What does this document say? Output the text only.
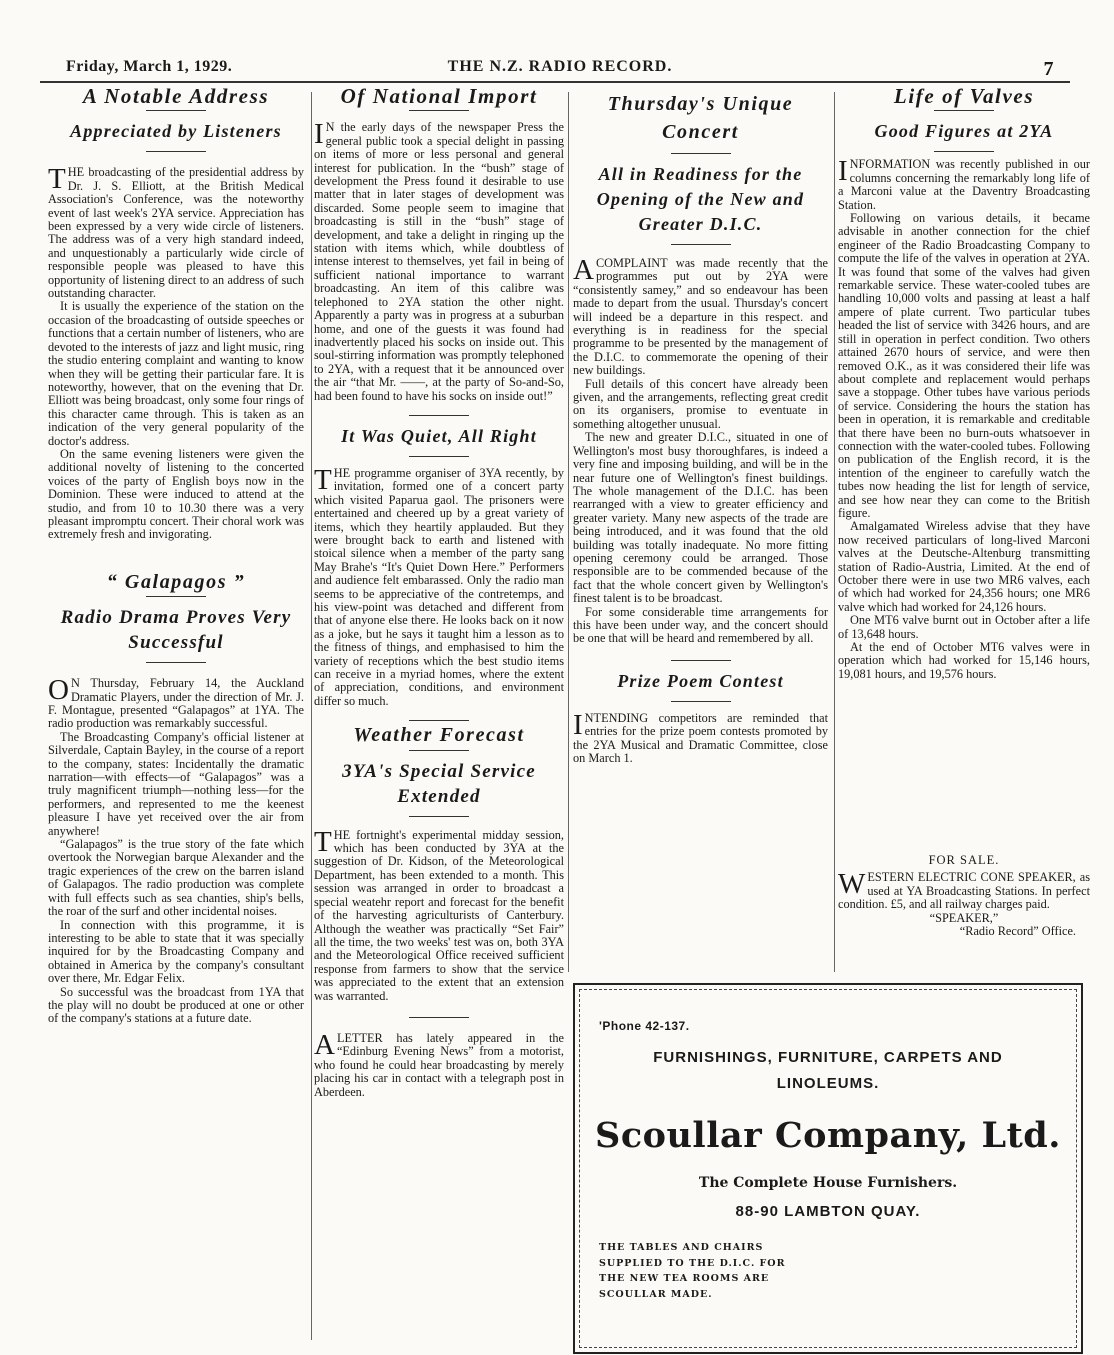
Friday, March 1, 1929.	THE N.Z. RADIO RECORD.	7
A Notable Address
Appreciated by Listeners

THE broadcasting of the presidential address by Dr. J. S. Elliott, at the British Medical Association's Conference, was the noteworthy event of last week's 2YA service. Appreciation has been expressed by a very wide circle of listeners. The address was of a very high standard indeed, and unquestionably a particularly wide circle of responsible people was pleased to have this opportunity of listening direct to an address of such outstanding character.

It is usually the experience of the station on the occasion of the broadcasting of outside speeches or functions that a certain number of listeners, who are devoted to the interests of jazz and light music, ring the studio entering complaint and wanting to know when they will be getting their particular fare. It is noteworthy, however, that on the evening that Dr. Elliott was being broadcast, only some four rings of this character came through. This is taken as an indication of the very general popularity of the doctor's address.

On the same evening listeners were given the additional novelty of listening to the concerted voices of the party of English boys now in the Dominion. These were induced to attend at the studio, and from 10 to 10.30 there was a very pleasant impromptu concert. Their choral work was extremely fresh and invigorating.

“ Galapagos ”
Radio Drama Proves Very Successful

O N Thursday, February 14, the Auckland Dramatic Players, under the direction of Mr. J. F. Montague, presented “Galapagos” at 1YA. The radio production was remarkably successful.

The Broadcasting Company's official listener at Silverdale, Captain Bayley, in the course of a report to the company, states: Incidentally the dramatic narration—with effects—of “Galapagos” was a truly magnificent triumph—nothing less—for the performers, and represented to me the keenest pleasure I have yet received over the air from anywhere!

“Galapagos” is the true story of the fate which overtook the Norwegian barque Alexander and the tragic experiences of the crew on the barren island of Galapagos. The radio production was complete with full effects such as sea chanties, ship's bells, the roar of the surf and other incidental noises.

In connection with this programme, it is interesting to be able to state that it was specially inquired for by the Broadcasting Company and obtained in America by the company's consultant over there, Mr. Edgar Felix.

So successful was the broadcast from 1YA that the play will no doubt be produced at one or other of the company's stations at a future date.

Of National Import

I N the early days of the newspaper Press the general public took a special delight in passing on items of more or less personal and general interest for publication. In the “bush” stage of development the Press found it desirable to use matter that in later stages of development was discarded. Some people seem to imagine that broadcasting is still in the “bush” stage of development, and take a delight in ringing up the station with items which, while doubtless of intense interest to themselves, yet fail in being of sufficient national importance to warrant broadcasting. An item of this calibre was telephoned to 2YA station the other night. Apparently a party was in progress at a suburban home, and one of the guests it was found had inadvertently placed his socks on inside out. This soul-stirring information was promptly telephoned to 2YA, with a request that it be announced over the air “that Mr. ——, at the party of So-and-So, had been found to have his socks on inside out!”

It Was Quiet, All Right

THE programme organiser of 3YA recently, by invitation, formed one of a concert party which visited Paparua gaol. The prisoners were entertained and cheered up by a great variety of items, which they heartily applauded. But they were brought back to earth and listened with stoical silence when a member of the party sang May Brahe's “It's Quiet Down Here.” Performers and audience felt embarassed. Only the radio man seems to be appreciative of the contretemps, and his view-point was detached and different from that of anyone else there. He looks back on it now as a joke, but he says it taught him a lesson as to the fitness of things, and emphasised to him the variety of receptions which the best studio items can receive in a myriad homes, where the extent of appreciation, conditions, and environment differ so much.

Weather Forecast
3YA's Special Service Extended

THE fortnight's experimental midday session, which has been conducted by 3YA at the suggestion of Dr. Kidson, of the Meteorological Department, has been extended to a month. This session was arranged in order to broadcast a special weatehr report and forecast for the benefit of the harvesting agriculturists of Canterbury. Although the weather was practically “Set Fair” all the time, the two weeks' test was on, both 3YA and the Meteorological Office received sufficient response from farmers to show that the service was appreciated to the extent that an extension was warranted.

ALETTER has lately appeared in the “Edinburg Evening News” from a motorist, who found he could hear broadcasting by merely placing his car in contact with a telegraph post in Aberdeen.

Thursday's Unique Concert
All in Readiness for the Opening of the New and Greater D.I.C.

ACOMPLAINT was made recently that the programmes put out by 2YA were “consistently samey,” and so endeavour has been made to depart from the usual. Thursday's concert will indeed be a departure in this respect. and everything is in readiness for the special programme to be presented by the management of the D.I.C. to commemorate the opening of their new buildings.

Full details of this concert have already been given, and the arrangements, reflecting great credit on its organisers, promise to eventuate in something altogether unusual.

The new and greater D.I.C., situated in one of Wellington's most busy thoroughfares, is indeed a very fine and imposing building, and will be in the near future one of Wellington's finest buildings. The whole management of the D.I.C. has been rearranged with a view to greater efficiency and greater variety. Many new aspects of the trade are being introduced, and it was found that the old building was totally inadequate. No more fitting opening ceremony could be arranged. Those responsible are to be commended because of the fact that the whole concert given by Wellington's finest talent is to be broadcast.

For some considerable time arrangements for this have been under way, and the concert should be one that will be heard and remembered by all.

Prize Poem Contest

INTENDING competitors are reminded that entries for the prize poem contests promoted by the 2YA Musical and Dramatic Committee, close on March 1.

Life of Valves
Good Figures at 2YA

INFORMATION was recently published in our columns concerning the remarkably long life of a Marconi value at the Daventry Broadcasting Station.

Following on various details, it became advisable in another connection for the chief engineer of the Radio Broadcasting Company to compute the life of the valves in operation at 2YA. It was found that some of the valves had given remarkable service. These water-cooled tubes are handling 10,000 volts and passing at least a half ampere of plate current. Two particular tubes headed the list of service with 3426 hours, and are still in operation in perfect condition. Two others attained 2670 hours of service, and were then removed O.K., as it was considered their life was about complete and replacement would perhaps save a stoppage. Other tubes have various periods of service. Considering the hours the station has been in operation, it is remarkable and creditable that there have been no burn-outs whatsoever in connection with the water-cooled tubes. Following on publication of the English record, it is the intention of the engineer to carefully watch the tubes now heading the list for length of service, and see how near they can come to the British figure.

Amalgamated Wireless advise that they have now received particulars of long-lived Marconi valves at the Deutsche-Altenburg transmitting station of Radio-Austria, Limited. At the end of October there were in use two MR6 valves, each of which had worked for 24,356 hours; one MR6 valve which had worked for 24,126 hours.

One MT6 valve burnt out in October after a life of 13,648 hours.

At the end of October MT6 valves were in operation which had worked for 15,146 hours, 19,081 hours, and 19,576 hours.

FOR SALE.

WESTERN ELECTRIC CONE SPEAKER, as used at YA Broadcasting Stations. In perfect condition. £5, and all railway charges paid.

“SPEAKER,”
“Radio Record” Office.
'Phone 42-137.
FURNISHINGS, FURNITURE, CARPETS AND
LINOLEUMS.
Scoullar Company, Ltd.
The Complete House Furnishers.
88-90 LAMBTON QUAY.
THE TABLES AND CHAIRS
SUPPLIED TO THE D.I.C. FOR
THE NEW TEA ROOMS ARE
SCOULLAR MADE.
